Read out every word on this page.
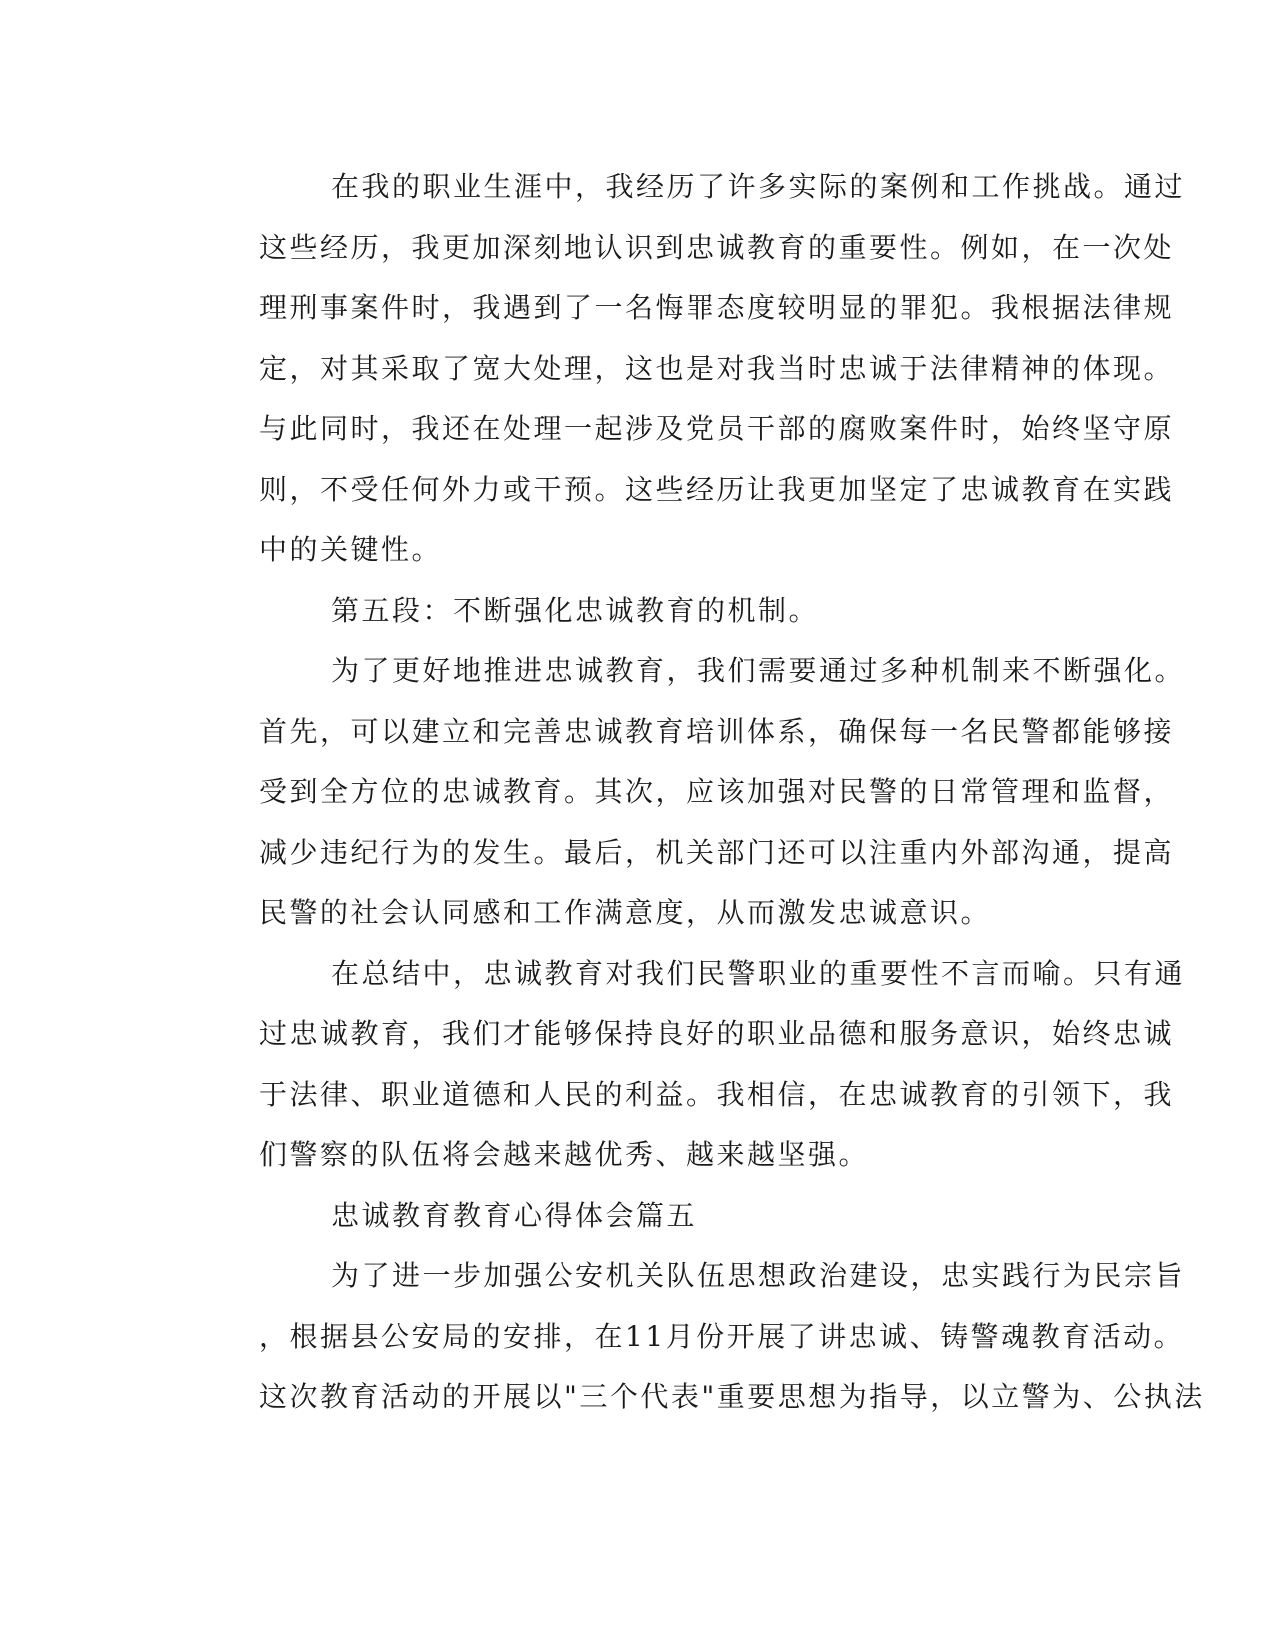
在我的职业生涯中，我经历了许多实际的案例和工作挑战。通过
这些经历，我更加深刻地认识到忠诚教育的重要性。例如，在一次处
理刑事案件时，我遇到了一名悔罪态度较明显的罪犯。我根据法律规
定，对其采取了宽大处理，这也是对我当时忠诚于法律精神的体现。
与此同时，我还在处理一起涉及党员干部的腐败案件时，始终坚守原
则，不受任何外力或干预。这些经历让我更加坚定了忠诚教育在实践
中的关键性。
第五段：不断强化忠诚教育的机制。
为了更好地推进忠诚教育，我们需要通过多种机制来不断强化。
首先，可以建立和完善忠诚教育培训体系，确保每一名民警都能够接
受到全方位的忠诚教育。其次，应该加强对民警的日常管理和监督，
减少违纪行为的发生。最后，机关部门还可以注重内外部沟通，提高
民警的社会认同感和工作满意度，从而激发忠诚意识。
在总结中，忠诚教育对我们民警职业的重要性不言而喻。只有通
过忠诚教育，我们才能够保持良好的职业品德和服务意识，始终忠诚
于法律、职业道德和人民的利益。我相信，在忠诚教育的引领下，我
们警察的队伍将会越来越优秀、越来越坚强。
忠诚教育教育心得体会篇五
为了进一步加强公安机关队伍思想政治建设，忠实践行为民宗旨
，根据县公安局的安排，在11月份开展了讲忠诚、铸警魂教育活动。
这次教育活动的开展以"三个代表"重要思想为指导，以立警为、公执法
